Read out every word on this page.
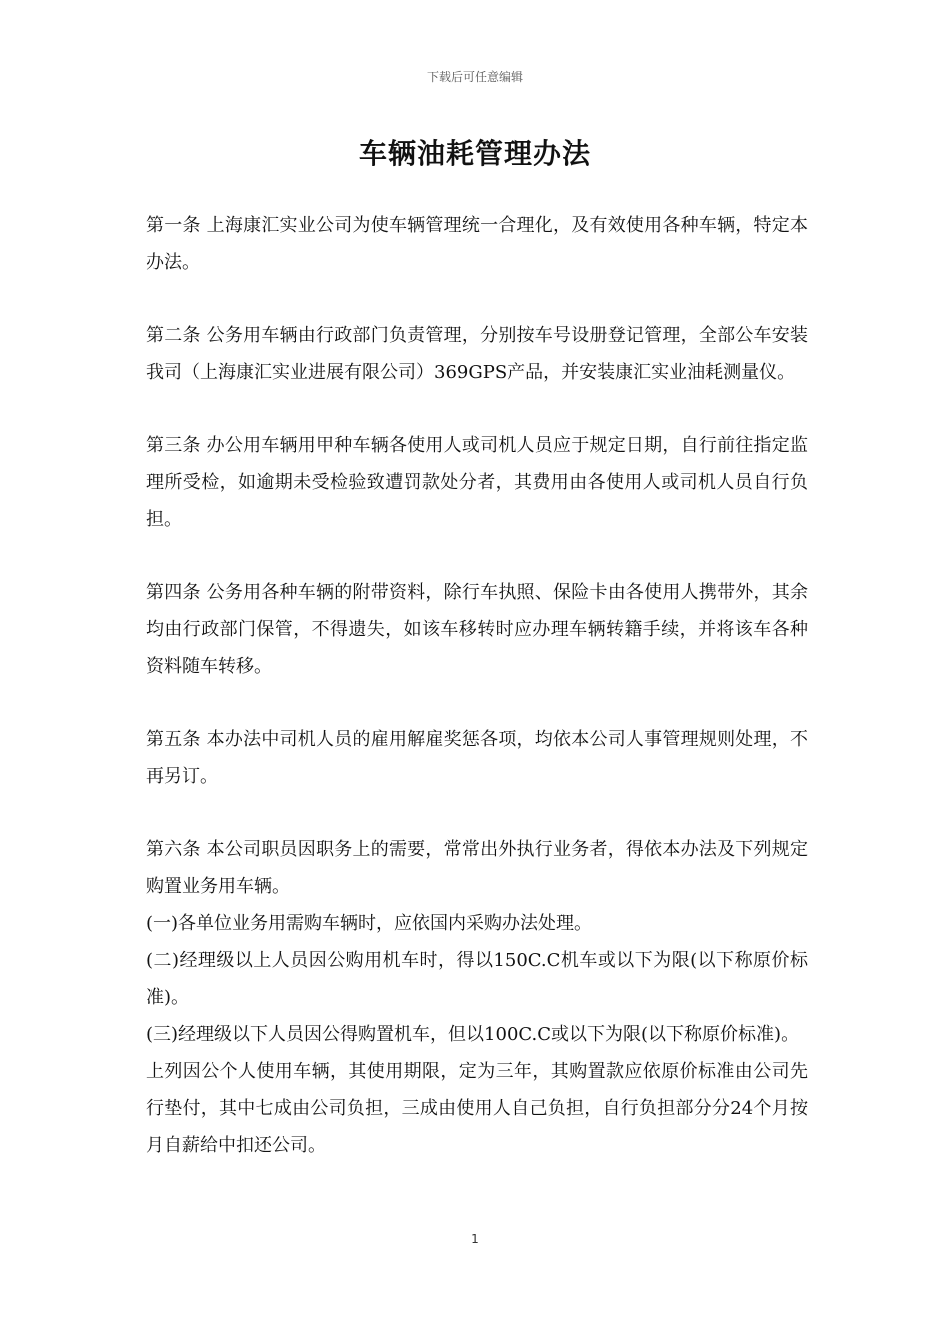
下载后可任意编辑
车辆油耗管理办法

第一条 上海康汇实业公司为使车辆管理统一合理化，及有效使用各种车辆，特定本办法。

第二条 公务用车辆由行政部门负责管理，分别按车号设册登记管理，全部公车安装我司（上海康汇实业进展有限公司）369GPS产品，并安装康汇实业油耗测量仪。

第三条 办公用车辆用甲种车辆各使用人或司机人员应于规定日期，自行前往指定监理所受检，如逾期未受检验致遭罚款处分者，其费用由各使用人或司机人员自行负担。

第四条 公务用各种车辆的附带资料，除行车执照、保险卡由各使用人携带外，其余均由行政部门保管，不得遗失，如该车移转时应办理车辆转籍手续，并将该车各种资料随车转移。

第五条 本办法中司机人员的雇用解雇奖惩各项，均依本公司人事管理规则处理，不再另订。

第六条 本公司职员因职务上的需要，常常出外执行业务者，得依本办法及下列规定购置业务用车辆。

(一)各单位业务用需购车辆时，应依国内采购办法处理。

(二)经理级以上人员因公购用机车时，得以150C.C机车或以下为限(以下称原价标准)。

(三)经理级以下人员因公得购置机车，但以100C.C或以下为限(以下称原价标准)。

上列因公个人使用车辆，其使用期限，定为三年，其购置款应依原价标准由公司先行垫付，其中七成由公司负担，三成由使用人自己负担，自行负担部分分24个月按月自薪给中扣还公司。

1
